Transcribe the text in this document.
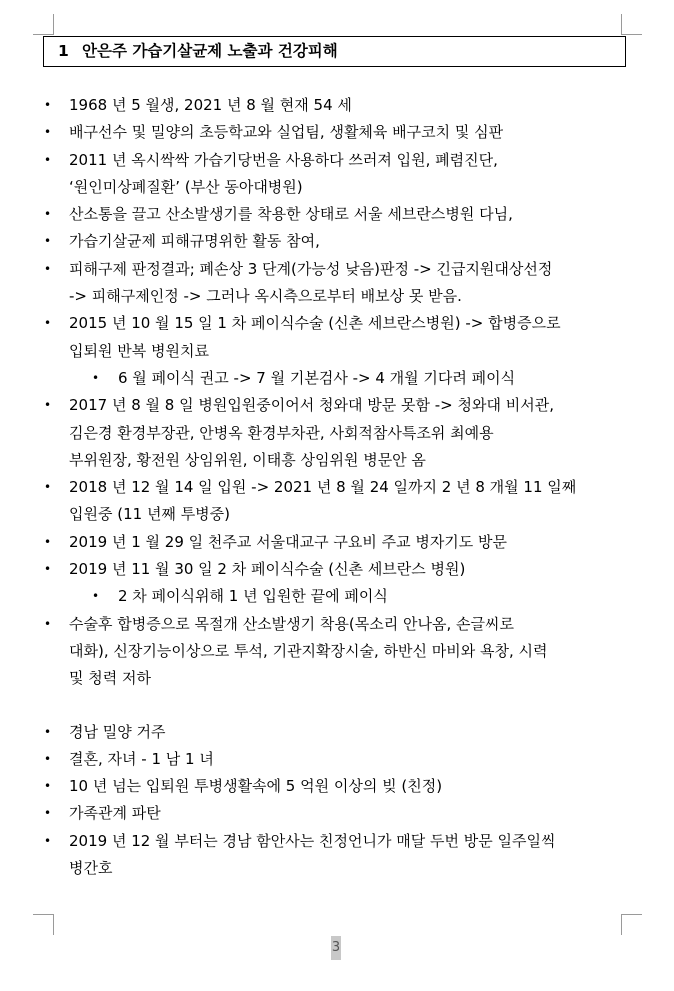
1 안은주 가습기살균제 노출과 건강피해
• 1968 년 5 월생, 2021 년 8 월 현재 54 세
• 배구선수 및 밀양의 초등학교와 실업팀, 생활체육 배구코치 및 심판
• 2011 년 옥시싹싹 가습기당번을 사용하다 쓰러져 입원, 폐렴진단,
‘원인미상폐질환’ (부산 동아대병원)
• 산소통을 끌고 산소발생기를 착용한 상태로 서울 세브란스병원 다님,
• 가습기살균제 피해규명위한 활동 참여,
• 피해구제 판정결과; 폐손상 3 단계(가능성 낮음)판정 -> 긴급지원대상선정
-> 피해구제인정 -> 그러나 옥시측으로부터 배보상 못 받음.
• 2015 년 10 월 15 일 1 차 페이식수술 (신촌 세브란스병원) -> 합병증으로
입퇴원 반복 병원치료
• 6 월 페이식 권고 -> 7 월 기본검사 -> 4 개월 기다려 페이식
• 2017 년 8 월 8 일 병원입원중이어서 청와대 방문 못함 -> 청와대 비서관,
김은경 환경부장관, 안병옥 환경부차관, 사회적참사특조위 최예용
부위원장, 황전원 상임위원, 이태흥 상임위원 병문안 옴
• 2018 년 12 월 14 일 입원 -> 2021 년 8 월 24 일까지 2 년 8 개월 11 일째
입원중 (11 년째 투병중)
• 2019 년 1 월 29 일 천주교 서울대교구 구요비 주교 병자기도 방문
• 2019 년 11 월 30 일 2 차 페이식수술 (신촌 세브란스 병원)
• 2 차 페이식위해 1 년 입원한 끝에 페이식
• 수술후 합병증으로 목절개 산소발생기 착용(목소리 안나옴, 손글씨로
대화), 신장기능이상으로 투석, 기관지확장시술, 하반신 마비와 욕창, 시력
및 청력 저하
• 경남 밀양 거주
• 결혼, 자녀 - 1 남 1 녀
• 10 년 넘는 입퇴원 투병생활속에 5 억원 이상의 빚 (친정)
• 가족관계 파탄
• 2019 년 12 월 부터는 경남 함안사는 친정언니가 매달 두번 방문 일주일씩
병간호
3
